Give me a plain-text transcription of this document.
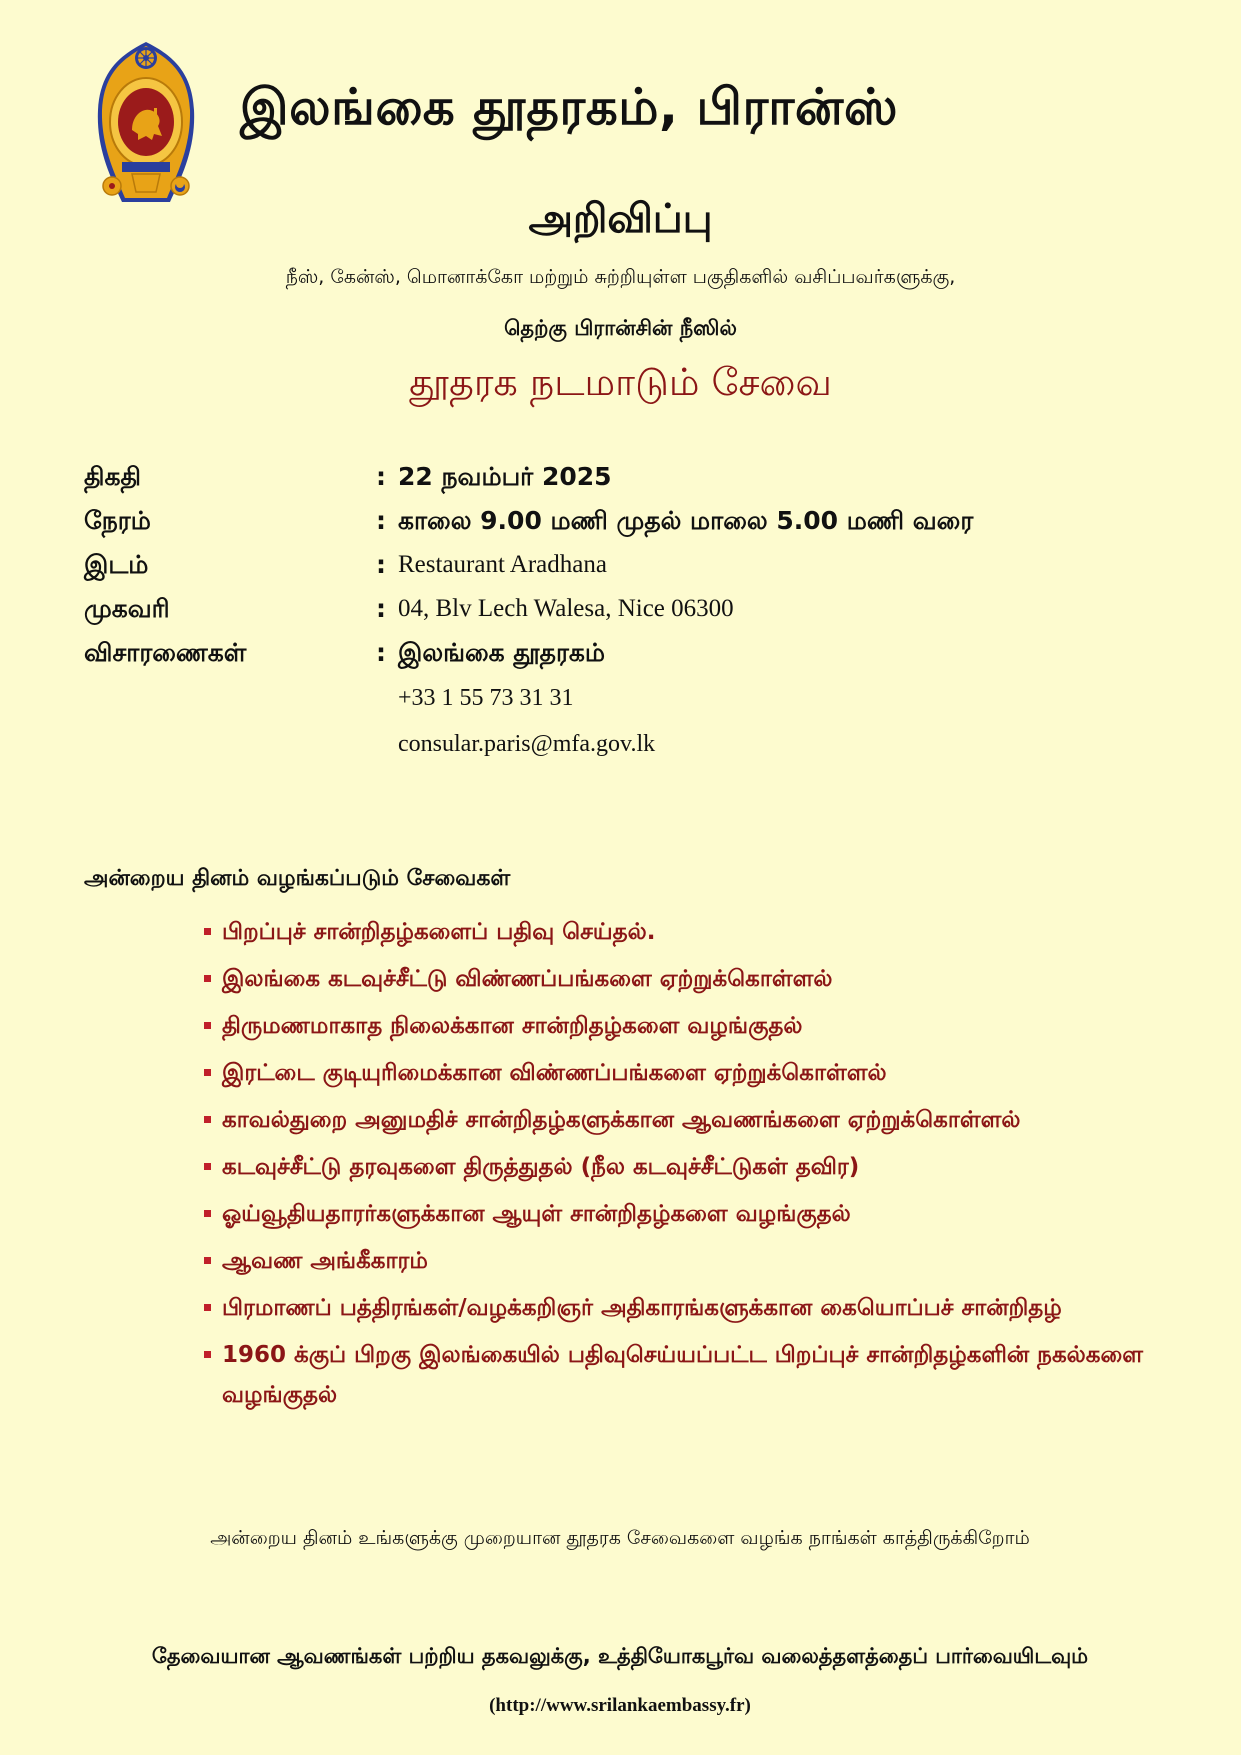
இலங்கை தூதரகம், பிரான்ஸ்
அறிவிப்பு
நீஸ், கேன்ஸ், மொனாக்கோ மற்றும் சுற்றியுள்ள பகுதிகளில் வசிப்பவர்களுக்கு,
தெற்கு பிரான்சின் நீஸில்
தூதரக நடமாடும் சேவை
திகதி	: 22 நவம்பர் 2025
நேரம்	: காலை 9.00 மணி முதல் மாலை 5.00 மணி வரை
இடம்	: Restaurant Aradhana
முகவரி	: 04, Blv Lech Walesa, Nice 06300
விசாரணைகள்	: இலங்கை தூதரகம்
+33 1 55 73 31 31
consular.paris@mfa.gov.lk
அன்றைய தினம் வழங்கப்படும் சேவைகள்
பிறப்புச் சான்றிதழ்களைப் பதிவு செய்தல்.
இலங்கை கடவுச்சீட்டு விண்ணப்பங்களை ஏற்றுக்கொள்ளல்
திருமணமாகாத நிலைக்கான சான்றிதழ்களை வழங்குதல்
இரட்டை குடியுரிமைக்கான விண்ணப்பங்களை ஏற்றுக்கொள்ளல்
காவல்துறை அனுமதிச் சான்றிதழ்களுக்கான ஆவணங்களை ஏற்றுக்கொள்ளல்
கடவுச்சீட்டு தரவுகளை திருத்துதல் (நீல கடவுச்சீட்டுகள் தவிர)
ஓய்வூதியதாரர்களுக்கான ஆயுள் சான்றிதழ்களை வழங்குதல்
ஆவண அங்கீகாரம்
பிரமாணப் பத்திரங்கள்/வழக்கறிஞர் அதிகாரங்களுக்கான கையொப்பச் சான்றிதழ்
1960 க்குப் பிறகு இலங்கையில் பதிவுசெய்யப்பட்ட பிறப்புச் சான்றிதழ்களின் நகல்களை வழங்குதல்
அன்றைய தினம் உங்களுக்கு முறையான தூதரக சேவைகளை வழங்க நாங்கள் காத்திருக்கிறோம்
தேவையான ஆவணங்கள் பற்றிய தகவலுக்கு, உத்தியோகபூர்வ வலைத்தளத்தைப் பார்வையிடவும் (http://www.srilankaembassy.fr)
